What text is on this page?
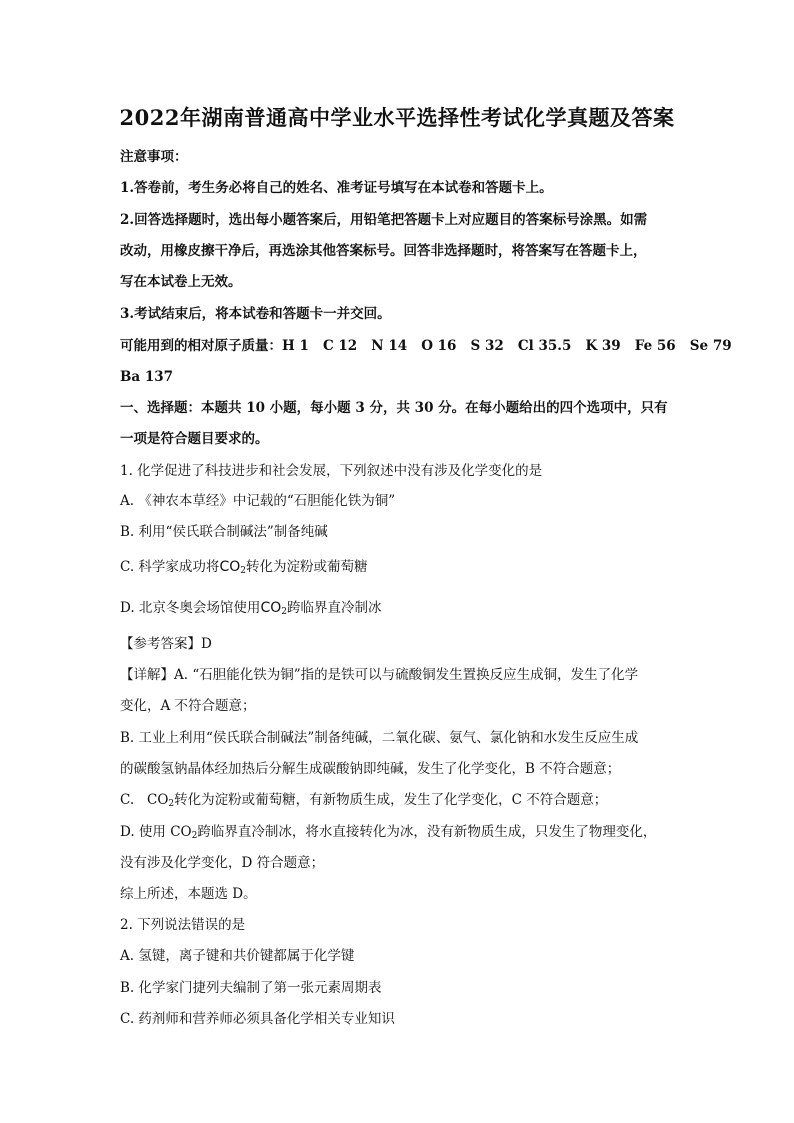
2022年湖南普通高中学业水平选择性考试化学真题及答案
注意事项：
1.答卷前，考生务必将自己的姓名、准考证号填写在本试卷和答题卡上。
2.回答选择题时，选出每小题答案后，用铅笔把答题卡上对应题目的答案标号涂黑。如需
改动，用橡皮擦干净后，再选涂其他答案标号。回答非选择题时，将答案写在答题卡上，
写在本试卷上无效。
3.考试结束后，将本试卷和答题卡一并交回。
可能用到的相对原子质量：H 1   C 12   N 14   O 16   S 32   Cl 35.5   K 39   Fe 56   Se 79
Ba 137
一、选择题：本题共 10 小题，每小题 3 分，共 30 分。在每小题给出的四个选项中，只有
一项是符合题目要求的。
1. 化学促进了科技进步和社会发展，下列叙述中没有涉及化学变化的是
A. 《神农本草经》中记载的“石胆能化铁为铜”
B. 利用“侯氏联合制碱法”制备纯碱
C. 科学家成功将$CO_2$转化为淀粉或葡萄糖
D. 北京冬奥会场馆使用$CO_2$跨临界直冷制冰
【参考答案】D
【详解】A. “石胆能化铁为铜”指的是铁可以与硫酸铜发生置换反应生成铜，发生了化学
变化，A 不符合题意；
B. 工业上利用“侯氏联合制碱法”制备纯碱，二氧化碳、氨气、氯化钠和水发生反应生成
的碳酸氢钠晶体经加热后分解生成碳酸钠即纯碱，发生了化学变化，B 不符合题意；
C.   $CO_2$转化为淀粉或葡萄糖，有新物质生成，发生了化学变化，C 不符合题意；
D. 使用 $CO_2$跨临界直冷制冰，将水直接转化为冰，没有新物质生成，只发生了物理变化，
没有涉及化学变化，D 符合题意；
综上所述，本题选 D。
2. 下列说法错误的是
A. 氢键，离子键和共价键都属于化学键
B. 化学家门捷列夫编制了第一张元素周期表
C. 药剂师和营养师必须具备化学相关专业知识
